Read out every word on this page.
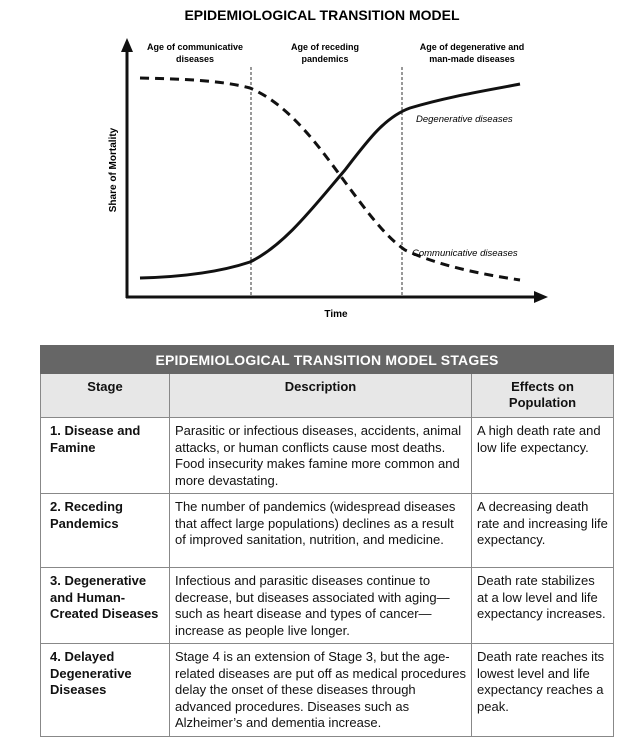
EPIDEMIOLOGICAL TRANSITION MODEL
Age of communicative
diseases
Age of receding
pandemics
Age of degenerative and
man-made diseases
Share of Mortality
Time
Degenerative diseases
Communicative diseases
EPIDEMIOLOGICAL TRANSITION MODEL STAGES		
Stage	Description	Effects on Population
1. Disease and Famine	Parasitic or infectious diseases, accidents, animal attacks, or human conflicts cause most deaths. Food insecurity makes famine more common and more devastating.	A high death rate and low life expectancy.
2. Receding Pandemics	The number of pandemics (widespread diseases that affect large populations) declines as a result of improved sanitation, nutrition, and medicine.	A decreasing death rate and increasing life expectancy.
3. Degenerative and Human-Created Diseases	Infectious and parasitic diseases continue to decrease, but diseases associated with aging—such as heart disease and types of cancer—increase as people live longer.	Death rate stabilizes at a low level and life expectancy increases.
4. Delayed Degenerative Diseases	Stage 4 is an extension of Stage 3, but the age-related diseases are put off as medical procedures delay the onset of these diseases through advanced procedures. Diseases such as Alzheimer’s and dementia increase.	Death rate reaches its lowest level and life expectancy reaches a peak.
